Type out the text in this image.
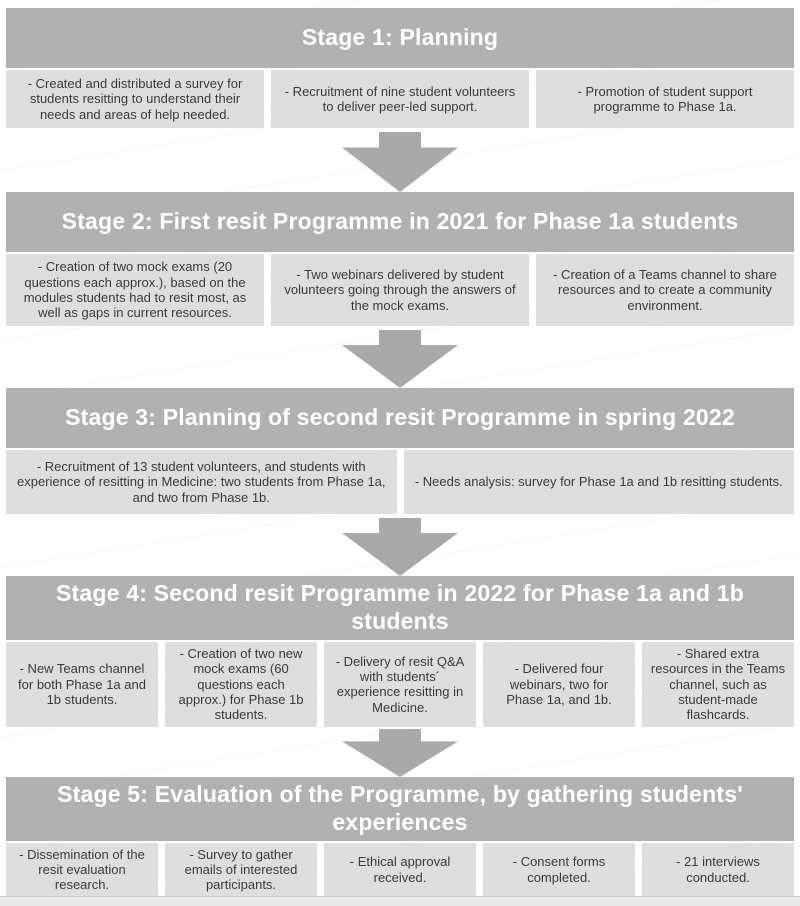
Stage 1: Planning
- Created and distributed a survey for students resitting to understand their needs and areas of help needed.
- Recruitment of nine student volunteers to deliver peer-led support.
- Promotion of student support programme to Phase 1a.
Stage 2: First resit Programme in 2021 for Phase 1a students
- Creation of two mock exams (20 questions each approx.), based on the modules students had to resit most, as well as gaps in current resources.
- Two webinars delivered by student volunteers going through the answers of the mock exams.
- Creation of a Teams channel to share resources and to create a community environment.
Stage 3: Planning of second resit Programme in spring 2022
- Recruitment of 13 student volunteers, and students with experience of resitting in Medicine: two students from Phase 1a, and two from Phase 1b.
- Needs analysis: survey for Phase 1a and 1b resitting students.
Stage 4: Second resit Programme in 2022 for Phase 1a and 1b students
- New Teams channel for both Phase 1a and 1b students.
- Creation of two new mock exams (60 questions each approx.) for Phase 1b students.
- Delivery of resit Q&A with students´ experience resitting in Medicine.
- Delivered four webinars, two for Phase 1a, and 1b.
- Shared extra resources in the Teams channel, such as student-made flashcards.
Stage 5: Evaluation of the Programme, by gathering students' experiences
- Dissemination of the resit evaluation research.
- Survey to gather emails of interested participants.
- Ethical approval received.
- Consent forms completed.
- 21 interviews conducted.
